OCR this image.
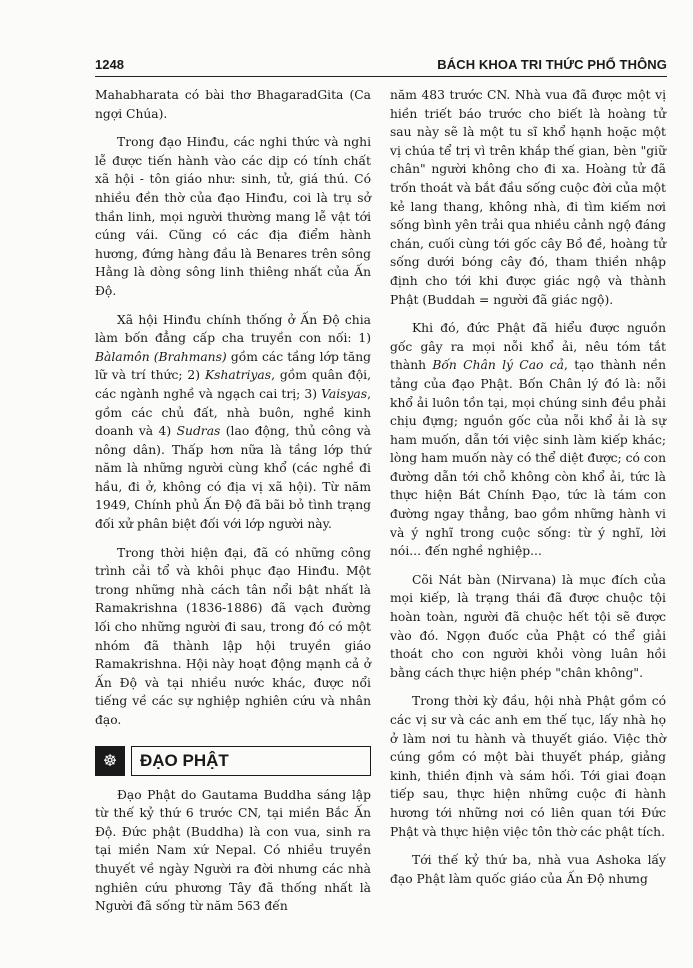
1248	BÁCH KHOA TRI THỨC PHỔ THÔNG

Mahabharata có bài thơ BhagaradGita (Ca ngợi Chúa).

Trong đạo Hinđu, các nghi thức và nghi lễ được tiến hành vào các dịp có tính chất xã hội - tôn giáo như: sinh, tử, giá thú. Có nhiều đền thờ của đạo Hinđu, coi là trụ sở thần linh, mọi người thường mang lễ vật tới cúng vái. Cũng có các địa điểm hành hương, đứng hàng đầu là Benares trên sông Hằng là dòng sông linh thiêng nhất của Ấn Độ.

Xã hội Hinđu chính thống ở Ấn Độ chia làm bốn đẳng cấp cha truyền con nối: 1) Bàlamôn (Brahmans) gồm các tầng lớp tăng lữ và trí thức; 2) Kshatriyas, gồm quân đội, các ngành nghề và ngạch cai trị; 3) Vaisyas, gồm các chủ đất, nhà buôn, nghề kinh doanh và 4) Sudras (lao động, thủ công và nông dân). Thấp hơn nữa là tầng lớp thứ năm là những người cùng khổ (các nghề đi hầu, đi ở, không có địa vị xã hội). Từ năm 1949, Chính phủ Ấn Độ đã bãi bỏ tình trạng đối xử phân biệt đối với lớp người này.

Trong thời hiện đại, đã có những công trình cải tổ và khôi phục đạo Hinđu. Một trong những nhà cách tân nổi bật nhất là Ramakrishna (1836-1886) đã vạch đường lối cho những người đi sau, trong đó có một nhóm đã thành lập hội truyền giáo Ramakrishna. Hội này hoạt động mạnh cả ở Ấn Độ và tại nhiều nước khác, được nổi tiếng về các sự nghiệp nghiên cứu và nhân đạo.

☸	ĐẠO PHẬT

Đạo Phật do Gautama Buddha sáng lập từ thế kỷ thứ 6 trước CN, tại miền Bắc Ấn Độ. Đức phật (Buddha) là con vua, sinh ra tại miền Nam xứ Nepal. Có nhiều truyền thuyết về ngày Người ra đời nhưng các nhà nghiên cứu phương Tây đã thống nhất là Người đã sống từ năm 563 đến

năm 483 trước CN. Nhà vua đã được một vị hiền triết báo trước cho biết là hoàng tử sau này sẽ là một tu sĩ khổ hạnh hoặc một vị chúa tể trị vì trên khắp thế gian, bèn "giữ chân" người không cho đi xa. Hoàng tử đã trốn thoát và bắt đầu sống cuộc đời của một kẻ lang thang, không nhà, đi tìm kiếm nơi sống bình yên trải qua nhiều cảnh ngộ đáng chán, cuối cùng tới gốc cây Bồ đề, hoàng tử sống dưới bóng cây đó, tham thiền nhập định cho tới khi được giác ngộ và thành Phật (Buddah = người đã giác ngộ).

Khi đó, đức Phật đã hiểu được nguồn gốc gây ra mọi nỗi khổ ải, nêu tóm tắt thành Bốn Chân lý Cao cả, tạo thành nền tảng của đạo Phật. Bốn Chân lý đó là: nỗi khổ ải luôn tồn tại, mọi chúng sinh đều phải chịu đựng; nguồn gốc của nỗi khổ ải là sự ham muốn, dẫn tới việc sinh làm kiếp khác; lòng ham muốn này có thể diệt được; có con đường dẫn tới chỗ không còn khổ ải, tức là thực hiện Bát Chính Đạo, tức là tám con đường ngay thẳng, bao gồm những hành vi và ý nghĩ trong cuộc sống: từ ý nghĩ, lời nói... đến nghề nghiệp...

Cõi Nát bàn (Nirvana) là mục đích của mọi kiếp, là trạng thái đã được chuộc tội hoàn toàn, người đã chuộc hết tội sẽ được vào đó. Ngọn đuốc của Phật có thể giải thoát cho con người khỏi vòng luân hồi bằng cách thực hiện phép "chân không".

Trong thời kỳ đầu, hội nhà Phật gồm có các vị sư và các anh em thế tục, lấy nhà họ ở làm nơi tu hành và thuyết giáo. Việc thờ cúng gồm có một bài thuyết pháp, giảng kinh, thiền định và sám hối. Tới giai đoạn tiếp sau, thực hiện những cuộc đi hành hương tới những nơi có liên quan tới Đức Phật và thực hiện việc tôn thờ các phật tích.

Tới thế kỷ thứ ba, nhà vua Ashoka lấy đạo Phật làm quốc giáo của Ấn Độ nhưng
